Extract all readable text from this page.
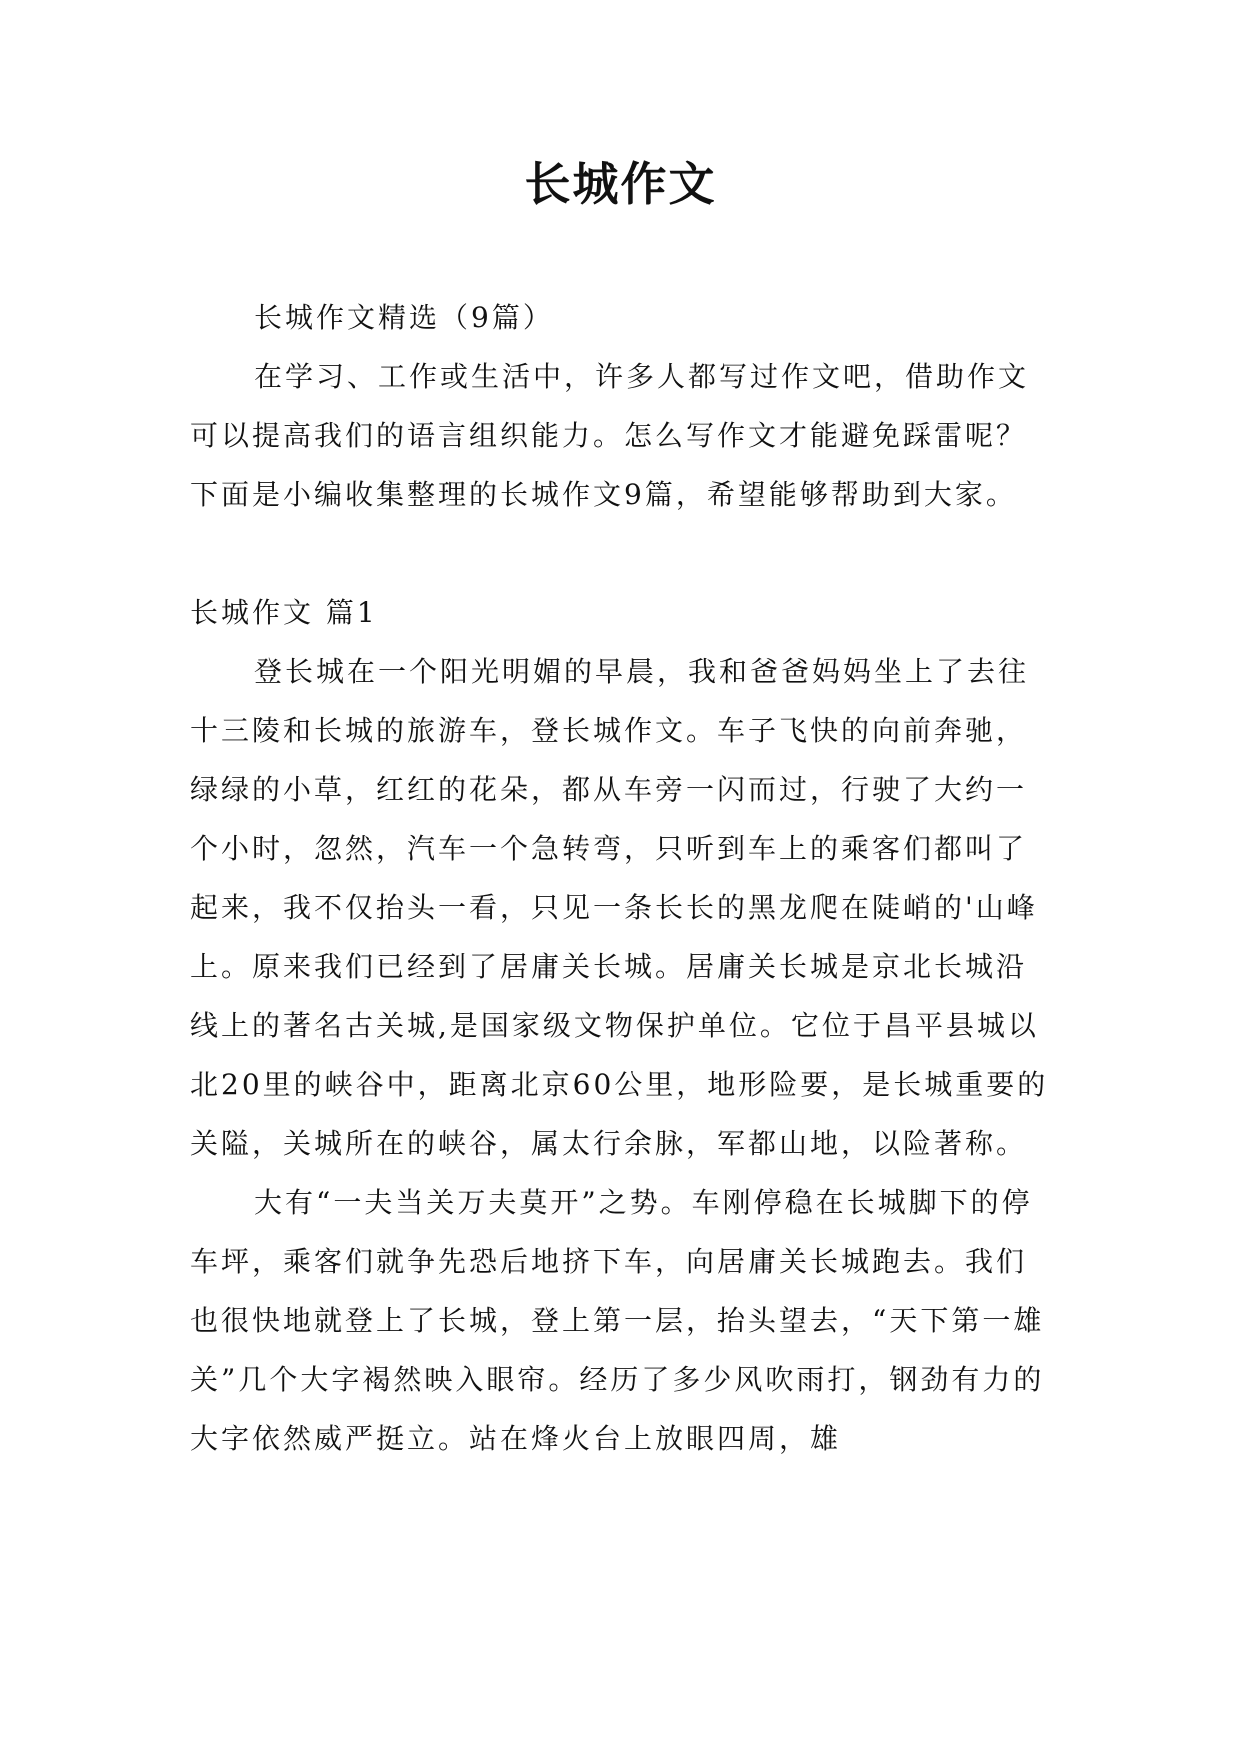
长城作文

长城作文精选（9篇）

在学习、工作或生活中，许多人都写过作文吧，借助作文可以提高我们的语言组织能力。怎么写作文才能避免踩雷呢？下面是小编收集整理的长城作文9篇，希望能够帮助到大家。

长城作文 篇1

登长城在一个阳光明媚的早晨，我和爸爸妈妈坐上了去往十三陵和长城的旅游车，登长城作文。车子飞快的向前奔驰，绿绿的小草，红红的花朵，都从车旁一闪而过，行驶了大约一个小时，忽然，汽车一个急转弯，只听到车上的乘客们都叫了起来，我不仅抬头一看，只见一条长长的黑龙爬在陡峭的'山峰上。原来我们已经到了居庸关长城。居庸关长城是京北长城沿线上的著名古关城,是国家级文物保护单位。它位于昌平县城以北20里的峡谷中，距离北京60公里，地形险要，是长城重要的关隘，关城所在的峡谷，属太行余脉，军都山地，以险著称。

大有“一夫当关万夫莫开”之势。车刚停稳在长城脚下的停车坪，乘客们就争先恐后地挤下车，向居庸关长城跑去。我们也很快地就登上了长城，登上第一层，抬头望去，“天下第一雄关”几个大字褐然映入眼帘。经历了多少风吹雨打，钢劲有力的大字依然威严挺立。站在烽火台上放眼四周，雄
